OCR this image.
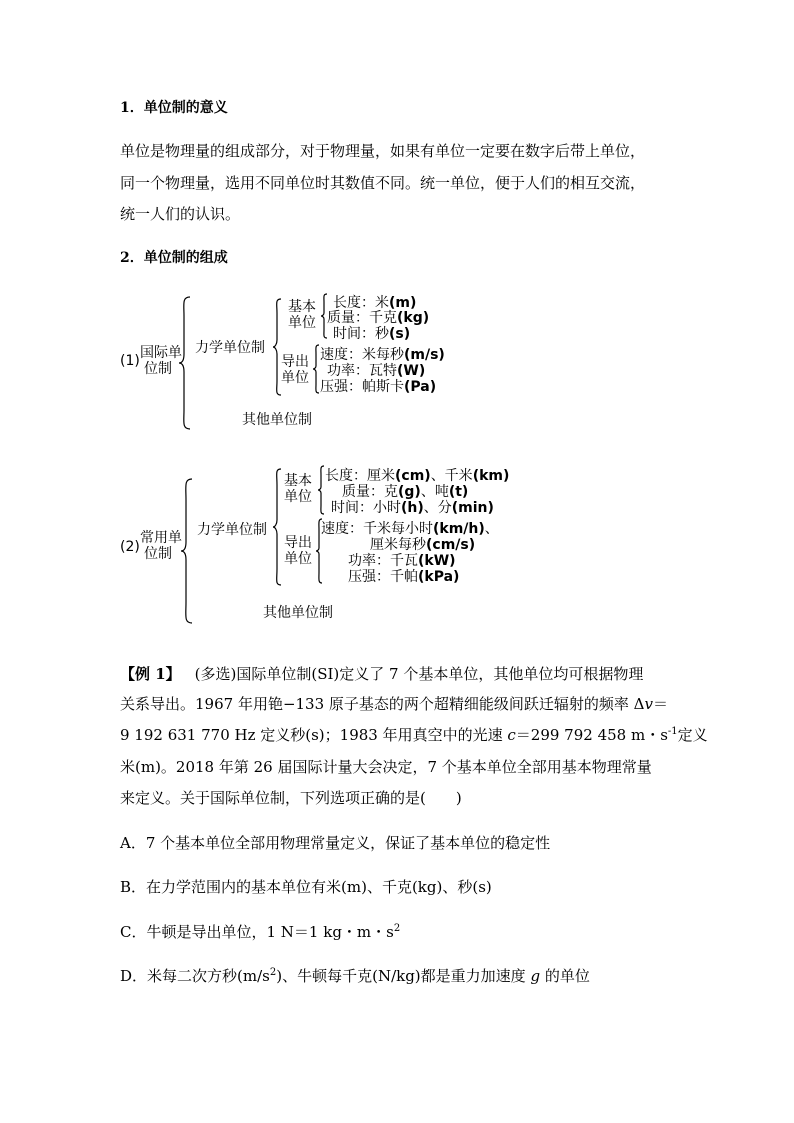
1．单位制的意义
单位是物理量的组成部分，对于物理量，如果有单位一定要在数字后带上单位，
同一个物理量，选用不同单位时其数值不同。统一单位，便于人们的相互交流，
统一人们的认识。
2．单位制的组成
(1) 国际单
位制
力学单位制
其他单位制
基本
单位
长度：米(m)
质量：千克(kg)
时间：秒(s)
导出
单位
速度：米每秒(m/s)
功率：瓦特(W)
压强：帕斯卡(Pa)
(2)
常用单
位制
力学单位制
其他单位制
基本
单位
长度：厘米(cm)、千米(km)
质量：克(g)、吨(t)
时间：小时(h)、分(min)
导出
单位
速度：千米每小时(km/h)、
厘米每秒(cm/s)
功率：千瓦(kW)
压强：千帕(kPa)
【例 1】 (多选)国际单位制(SI)定义了 7 个基本单位，其他单位均可根据物理
关系导出。1967 年用铯−133 原子基态的两个超精细能级间跃迁辐射的频率 Δv＝
9 192 631 770 Hz 定义秒(s)；1983 年用真空中的光速 c＝299 792 458 m・$s^{-1}$定义
米(m)。2018 年第 26 届国际计量大会决定，7 个基本单位全部用基本物理常量
来定义。关于国际单位制，下列选项正确的是(　　)
A．7 个基本单位全部用物理常量定义，保证了基本单位的稳定性
B．在力学范围内的基本单位有米(m)、千克(kg)、秒(s)
C．牛顿是导出单位，1 N＝1 kg・m・$s^2$
D．米每二次方秒$(m/s^2)$、牛顿每千克(N/kg)都是重力加速度 g 的单位
